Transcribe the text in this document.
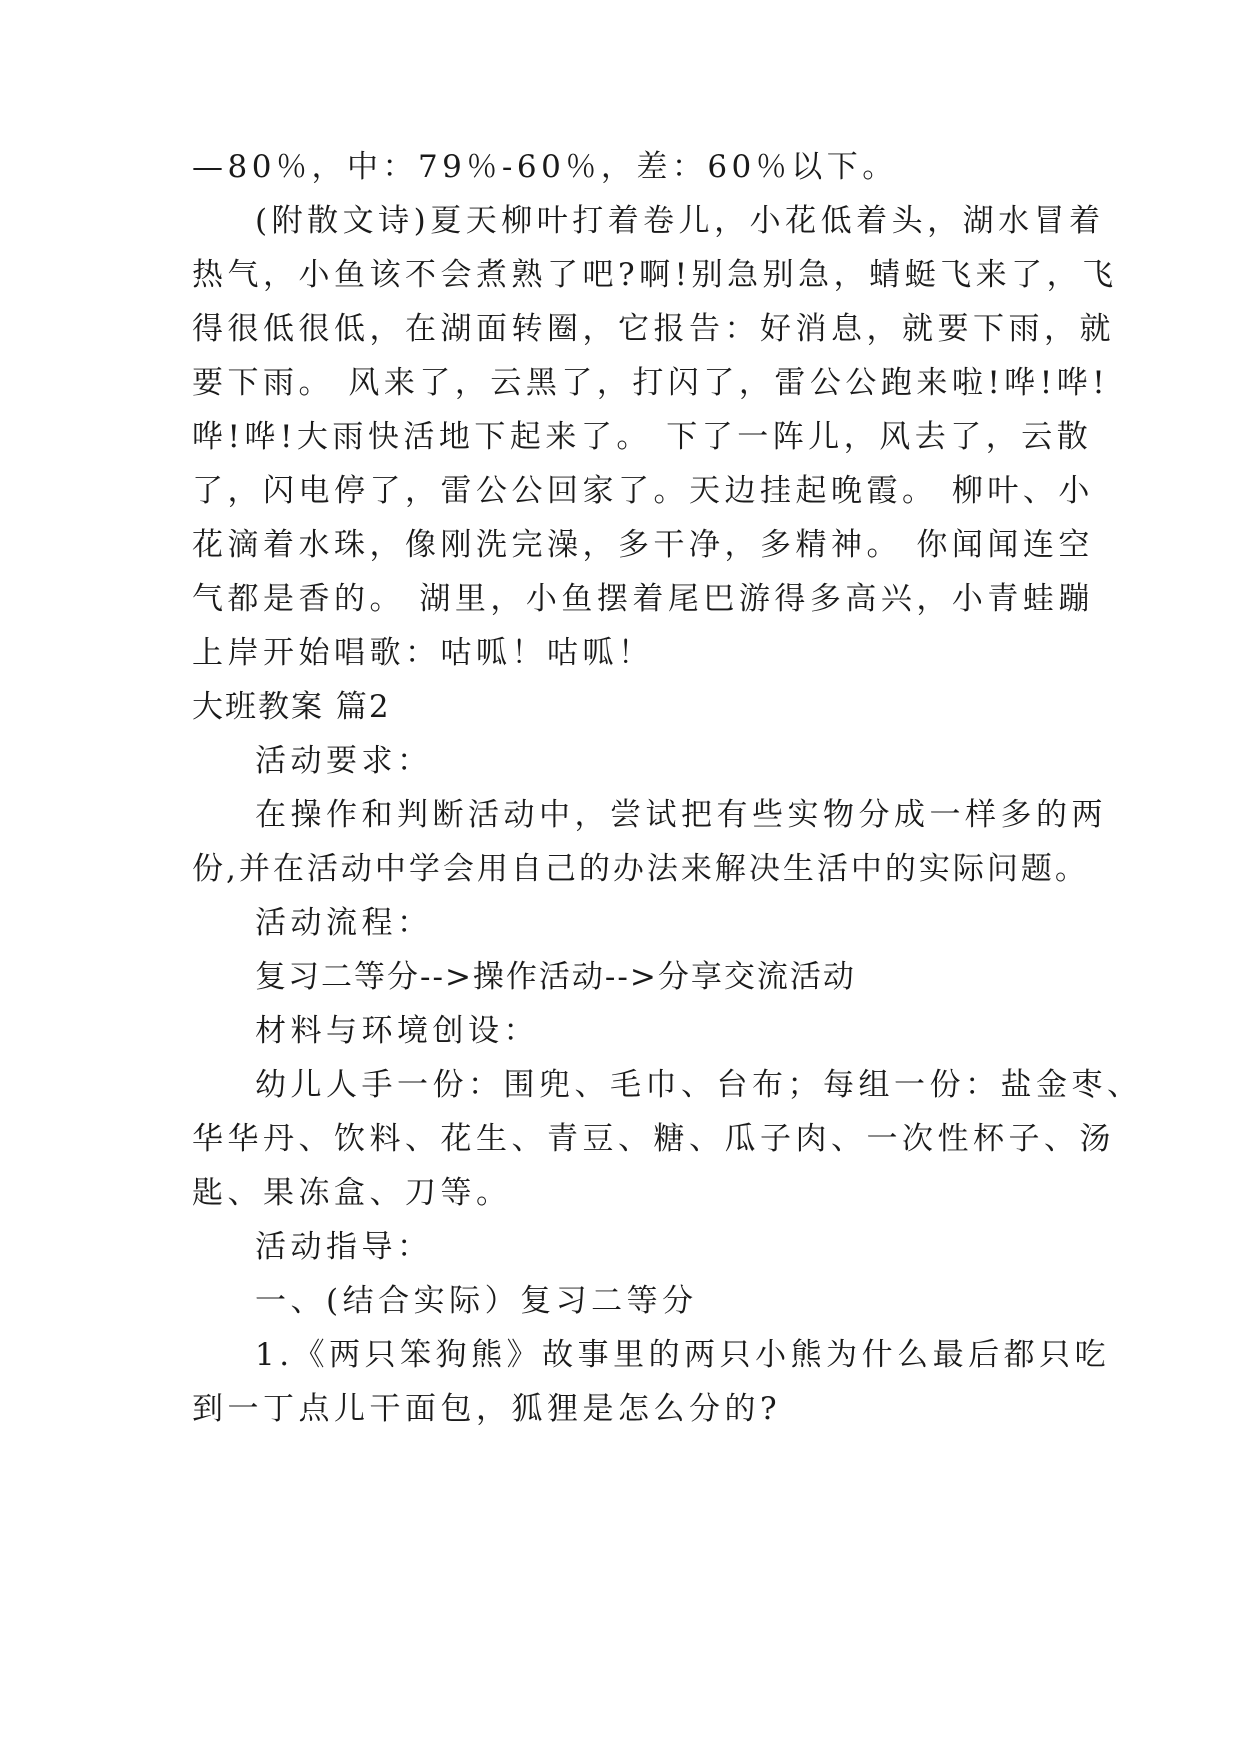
—80％，中：79％-60％，差：60％以下。
(附散文诗)夏天柳叶打着卷儿，小花低着头，湖水冒着
热气，小鱼该不会煮熟了吧?啊!别急别急，蜻蜓飞来了，飞
得很低很低，在湖面转圈，它报告：好消息，就要下雨，就
要下雨。 风来了，云黑了，打闪了，雷公公跑来啦!哗!哗!
哗!哗!大雨快活地下起来了。 下了一阵儿，风去了，云散
了，闪电停了，雷公公回家了。天边挂起晚霞。 柳叶、小
花滴着水珠，像刚洗完澡，多干净，多精神。 你闻闻连空
气都是香的。 湖里，小鱼摆着尾巴游得多高兴，小青蛙蹦
上岸开始唱歌：咕呱！咕呱！
大班教案 篇2
活动要求：
在操作和判断活动中，尝试把有些实物分成一样多的两
份,并在活动中学会用自己的办法来解决生活中的实际问题。
活动流程：
复习二等分-->操作活动-->分享交流活动
材料与环境创设：
幼儿人手一份：围兜、毛巾、台布；每组一份：盐金枣、
华华丹、饮料、花生、青豆、糖、瓜子肉、一次性杯子、汤
匙、果冻盒、刀等。
活动指导：
一、(结合实际）复习二等分
1.《两只笨狗熊》故事里的两只小熊为什么最后都只吃
到一丁点儿干面包，狐狸是怎么分的?
